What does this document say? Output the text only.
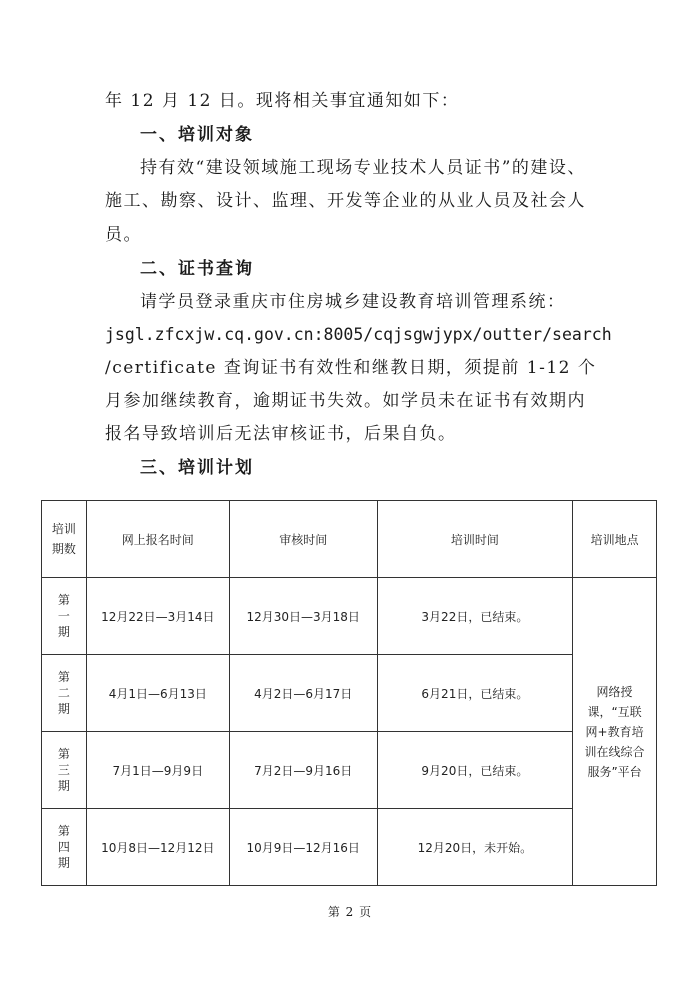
年 12 月 12 日。现将相关事宜通知如下：
一、培训对象
持有效“建设领域施工现场专业技术人员证书”的建设、
施工、勘察、设计、监理、开发等企业的从业人员及社会人
员。
二、证书查询
请学员登录重庆市住房城乡建设教育培训管理系统：
jsgl.zfcxjw.cq.gov.cn:8005/cqjsgwjypx/outter/search
/certificate 查询证书有效性和继教日期，须提前 1-12 个
月参加继续教育，逾期证书失效。如学员未在证书有效期内
报名导致培训后无法审核证书，后果自负。
三、培训计划
培训期数	网上报名时间	审核时间	培训时间	培训地点
第一期	12月22日—3月14日	12月30日—3月18日	3月22日，已结束。	网络授课，“互联网+教育培训在线综合服务”平台
第二期	4月1日—6月13日	4月2日—6月17日	6月21日，已结束。	
第三期	7月1日—9月9日	7月2日—9月16日	9月20日，已结束。	
第四期	10月8日—12月12日	10月9日—12月16日	12月20日，未开始。	
第 2 页
